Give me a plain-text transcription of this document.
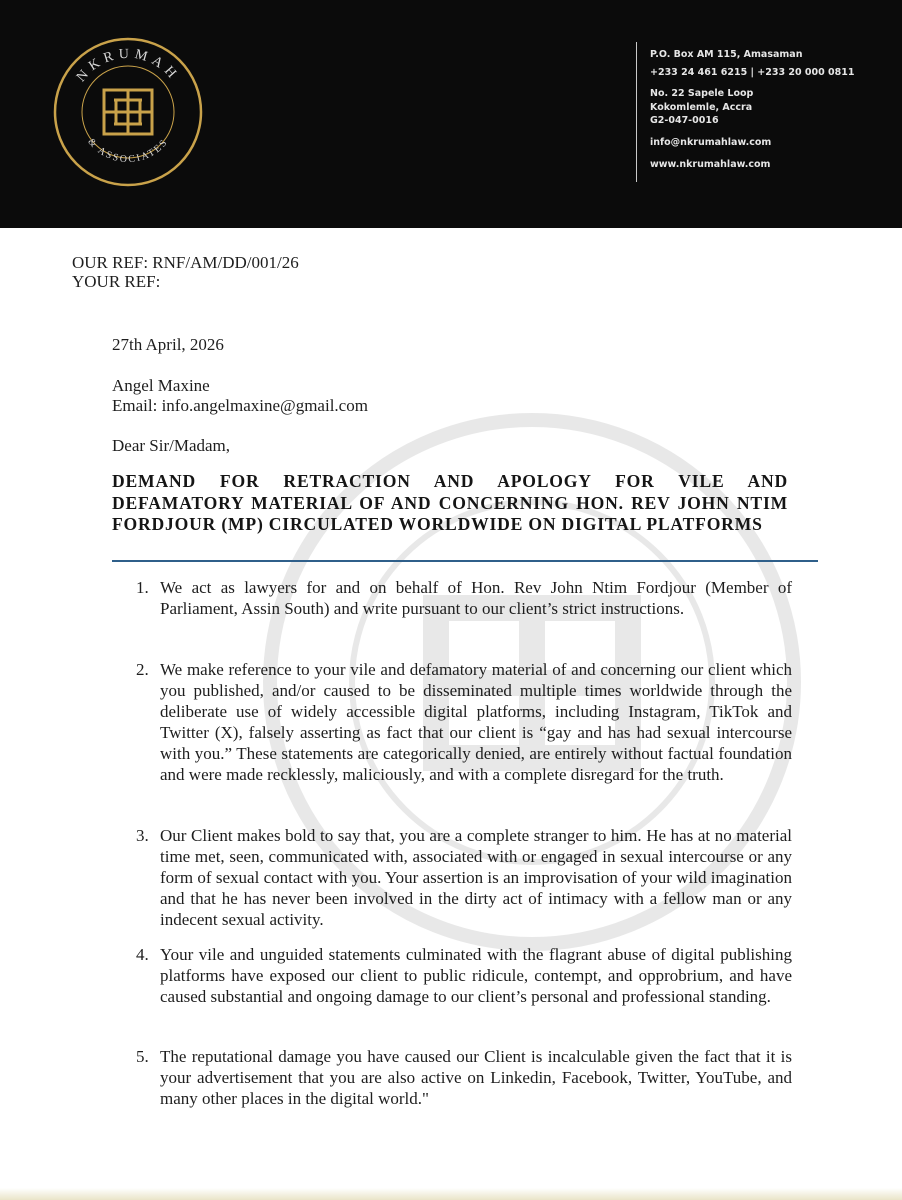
NKRUMAH
& ASSOCIATES
P.O. Box AM 115, Amasaman
+233 24 461 6215 | +233 20 000 0811
No. 22 Sapele Loop
Kokomlemle, Accra
G2-047-0016
info@nkrumahlaw.com
www.nkrumahlaw.com
OUR REF: RNF/AM/DD/001/26
YOUR REF:
27th April, 2026
Angel Maxine
Email: info.angelmaxine@gmail.com
Dear Sir/Madam,
DEMAND FOR RETRACTION AND APOLOGY FOR VILE AND DEFAMATORY MATERIAL OF AND CONCERNING HON. REV JOHN NTIM FORDJOUR (MP) CIRCULATED WORLDWIDE ON DIGITAL PLATFORMS
1. We act as lawyers for and on behalf of Hon. Rev John Ntim Fordjour (Member of Parliament, Assin South) and write pursuant to our client’s strict instructions.
2. We make reference to your vile and defamatory material of and concerning our client which you published, and/or caused to be disseminated multiple times worldwide through the deliberate use of widely accessible digital platforms, including Instagram, TikTok and Twitter (X), falsely asserting as fact that our client is “gay and has had sexual intercourse with you.” These statements are categorically denied, are entirely without factual foundation and were made recklessly, maliciously, and with a complete disregard for the truth.
3. Our Client makes bold to say that, you are a complete stranger to him. He has at no material time met, seen, communicated with, associated with or engaged in sexual intercourse or any form of sexual contact with you. Your assertion is an improvisation of your wild imagination and that he has never been involved in the dirty act of intimacy with a fellow man or any indecent sexual activity.
4. Your vile and unguided statements culminated with the flagrant abuse of digital publishing platforms have exposed our client to public ridicule, contempt, and opprobrium, and have caused substantial and ongoing damage to our client’s personal and professional standing.
5. The reputational damage you have caused our Client is incalculable given the fact that it is your advertisement that you are also active on Linkedin, Facebook, Twitter, YouTube, and many other places in the digital world."
